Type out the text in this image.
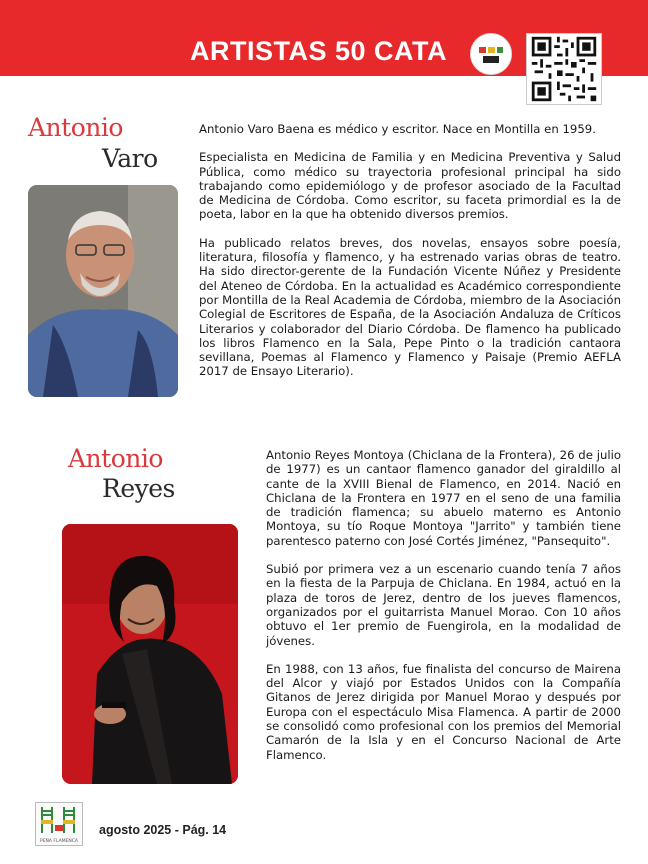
ARTISTAS 50 CATA
Antonio
Varo

Antonio Varo Baena es médico y escritor. Nace en Montilla en 1959.

Especialista en Medicina de Familia y en Medicina Preventiva y Salud Pública, como médico su trayectoria profesional principal ha sido trabajando como epidemiólogo y de profesor asociado de la Facultad de Medicina de Córdoba. Como escritor, su faceta primordial es la de poeta, labor en la que ha obtenido diversos premios.

Ha publicado relatos breves, dos novelas, ensayos sobre poesía, literatura, filosofía y flamenco, y ha estrenado varias obras de teatro. Ha sido director-gerente de la Fundación Vicente Núñez y Presidente del Ateneo de Córdoba. En la actualidad es Académico correspondiente por Montilla de la Real Academia de Córdoba, miembro de la Asociación Colegial de Escritores de España, de la Asociación Andaluza de Críticos Literarios y colaborador del Diario Córdoba. De flamenco ha publicado los libros Flamenco en la Sala, Pepe Pinto o la tradición cantaora sevillana, Poemas al Flamenco y Flamenco y Paisaje (Premio AEFLA 2017 de Ensayo Literario).

Antonio
Reyes

Antonio Reyes Montoya (Chiclana de la Frontera), 26 de julio de 1977) es un cantaor flamenco ganador del giraldillo al cante de la XVIII Bienal de Flamenco, en 2014. Nació en Chiclana de la Frontera en 1977 en el seno de una familia de tradición flamenca; su abuelo materno es Antonio Montoya, su tío Roque Montoya "Jarrito" y también tiene parentesco paterno con José Cortés Jiménez, "Pansequito".

Subió por primera vez a un escenario cuando tenía 7 años en la fiesta de la Parpuja de Chiclana. En 1984, actuó en la plaza de toros de Jerez, dentro de los jueves flamencos, organizados por el guitarrista Manuel Morao. Con 10 años obtuvo el 1er premio de Fuengirola, en la modalidad de jóvenes.

En 1988, con 13 años, fue finalista del concurso de Mairena del Alcor y viajó por Estados Unidos con la Compañía Gitanos de Jerez dirigida por Manuel Morao y después por Europa con el espectáculo Misa Flamenca. A partir de 2000 se consolidó como profesional con los premios del Memorial Camarón de la Isla y en el Concurso Nacional de Arte Flamenco.

PEÑA FLAMENCA
agosto 2025 - Pág. 14
